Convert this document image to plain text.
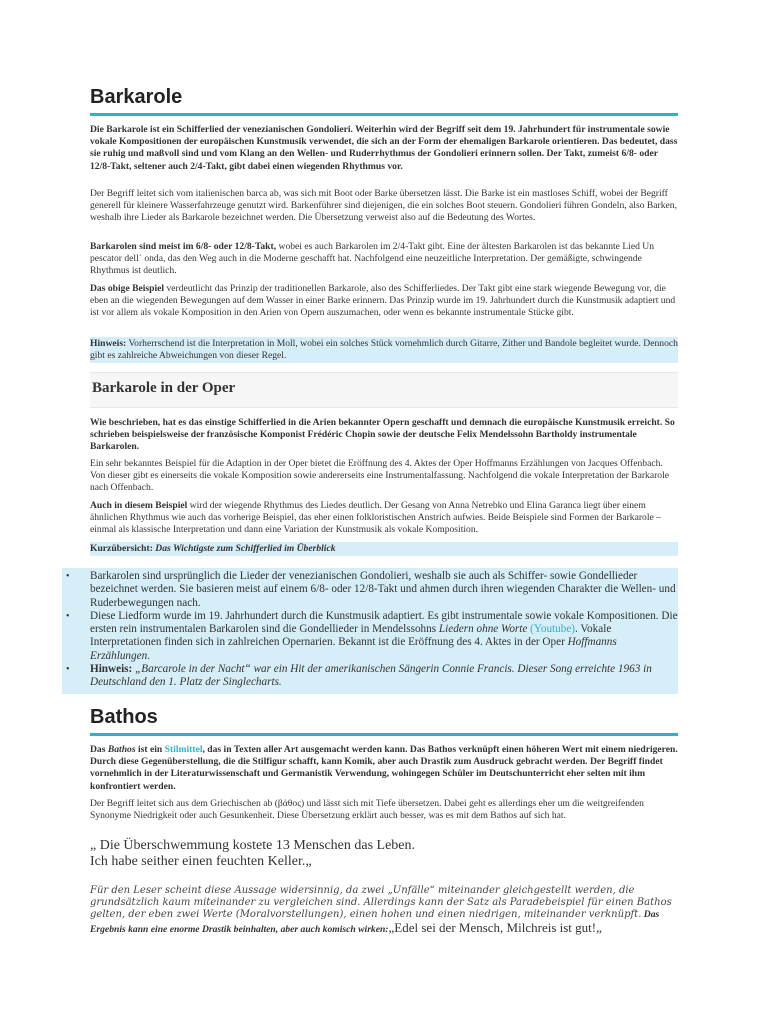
Barkarole

Die Barkarole ist ein Schifferlied der venezianischen Gondolieri. Weiterhin wird der Begriff seit dem 19. Jahrhundert für instrumentale sowie vokale Kompositionen der europäischen Kunstmusik verwendet, die sich an der Form der ehemaligen Barkarole orientieren. Das bedeutet, dass sie ruhig und maßvoll sind und vom Klang an den Wellen- und Ruderrhythmus der Gondolieri erinnern sollen. Der Takt, zumeist 6/8- oder 12/8-Takt, seltener auch 2/4-Takt, gibt dabei einen wiegenden Rhythmus vor.

Der Begriff leitet sich vom italienischen barca ab, was sich mit Boot oder Barke übersetzen lässt. Die Barke ist ein mastloses Schiff, wobei der Begriff generell für kleinere Wasserfahrzeuge genutzt wird. Barkenführer sind diejenigen, die ein solches Boot steuern. Gondolieri führen Gondeln, also Barken, weshalb ihre Lieder als Barkarole bezeichnet werden. Die Übersetzung verweist also auf die Bedeutung des Wortes.

Barkarolen sind meist im 6/8- oder 12/8-Takt, wobei es auch Barkarolen im 2/4-Takt gibt. Eine der ältesten Barkarolen ist das bekannte Lied Un pescator dell´ onda, das den Weg auch in die Moderne geschafft hat. Nachfolgend eine neuzeitliche Interpretation. Der gemäßigte, schwingende Rhythmus ist deutlich.

Das obige Beispiel verdeutlicht das Prinzip der traditionellen Barkarole, also des Schifferliedes. Der Takt gibt eine stark wiegende Bewegung vor, die eben an die wiegenden Bewegungen auf dem Wasser in einer Barke erinnern. Das Prinzip wurde im 19. Jahrhundert durch die Kunstmusik adaptiert und ist vor allem als vokale Komposition in den Arien von Opern auszumachen, oder wenn es bekannte instrumentale Stücke gibt.

Hinweis: Vorherrschend ist die Interpretation in Moll, wobei ein solches Stück vornehmlich durch Gitarre, Zither und Bandole begleitet wurde. Dennoch gibt es zahlreiche Abweichungen von dieser Regel.

Barkarole in der Oper

Wie beschrieben, hat es das einstige Schifferlied in die Arien bekannter Opern geschafft und demnach die europäische Kunstmusik erreicht. So schrieben beispielsweise der französische Komponist Frédéric Chopin sowie der deutsche Felix Mendelssohn Bartholdy instrumentale Barkarolen.

Ein sehr bekanntes Beispiel für die Adaption in der Oper bietet die Eröffnung des 4. Aktes der Oper Hoffmanns Erzählungen von Jacques Offenbach. Von dieser gibt es einerseits die vokale Komposition sowie andererseits eine Instrumentalfassung. Nachfolgend die vokale Interpretation der Barkarole nach Offenbach.

Auch in diesem Beispiel wird der wiegende Rhythmus des Liedes deutlich. Der Gesang von Anna Netrebko und Elina Garanca liegt über einem ähnlichen Rhythmus wie auch das vorherige Beispiel, das eher einen folkloristischen Anstrich aufwies. Beide Beispiele sind Formen der Barkarole – einmal als klassische Interpretation und dann eine Variation der Kunstmusik als vokale Komposition.

Kurzübersicht: Das Wichtigste zum Schifferlied im Überblick

• Barkarolen sind ursprünglich die Lieder der venezianischen Gondolieri, weshalb sie auch als Schiffer- sowie Gondellieder bezeichnet werden. Sie basieren meist auf einem 6/8- oder 12/8-Takt und ahmen durch ihren wiegenden Charakter die Wellen- und Ruderbewegungen nach.
• Diese Liedform wurde im 19. Jahrhundert durch die Kunstmusik adaptiert. Es gibt instrumentale sowie vokale Kompositionen. Die ersten rein instrumentalen Barkarolen sind die Gondellieder in Mendelssohns Liedern ohne Worte (Youtube). Vokale Interpretationen finden sich in zahlreichen Opernarien. Bekannt ist die Eröffnung des 4. Aktes in der Oper Hoffmanns Erzählungen.
• Hinweis: „Barcarole in der Nacht“ war ein Hit der amerikanischen Sängerin Connie Francis. Dieser Song erreichte 1963 in Deutschland den 1. Platz der Singlecharts.
Bathos

Das Bathos ist ein Stilmittel, das in Texten aller Art ausgemacht werden kann. Das Bathos verknüpft einen höheren Wert mit einem niedrigeren. Durch diese Gegenüberstellung, die die Stilfigur schafft, kann Komik, aber auch Drastik zum Ausdruck gebracht werden. Der Begriff findet vornehmlich in der Literaturwissenschaft und Germanistik Verwendung, wohingegen Schüler im Deutschunterricht eher selten mit ihm konfrontiert werden.

Der Begriff leitet sich aus dem Griechischen ab (βάθος) und lässt sich mit Tiefe übersetzen. Dabei geht es allerdings eher um die weitgreifenden Synonyme Niedrigkeit oder auch Gesunkenheit. Diese Übersetzung erklärt auch besser, was es mit dem Bathos auf sich hat.

„ Die Überschwemmung kostete 13 Menschen das Leben.
Ich habe seither einen feuchten Keller.„

Für den Leser scheint diese Aussage widersinnig, da zwei „Unfälle“ miteinander gleichgestellt werden, die grundsätzlich kaum miteinander zu vergleichen sind. Allerdings kann der Satz als Paradebeispiel für einen Bathos gelten, der eben zwei Werte (Moralvorstellungen), einen hohen und einen niedrigen, miteinander verknüpft. Das Ergebnis kann eine enorme Drastik beinhalten, aber auch komisch wirken:„Edel sei der Mensch, Milchreis ist gut!„
